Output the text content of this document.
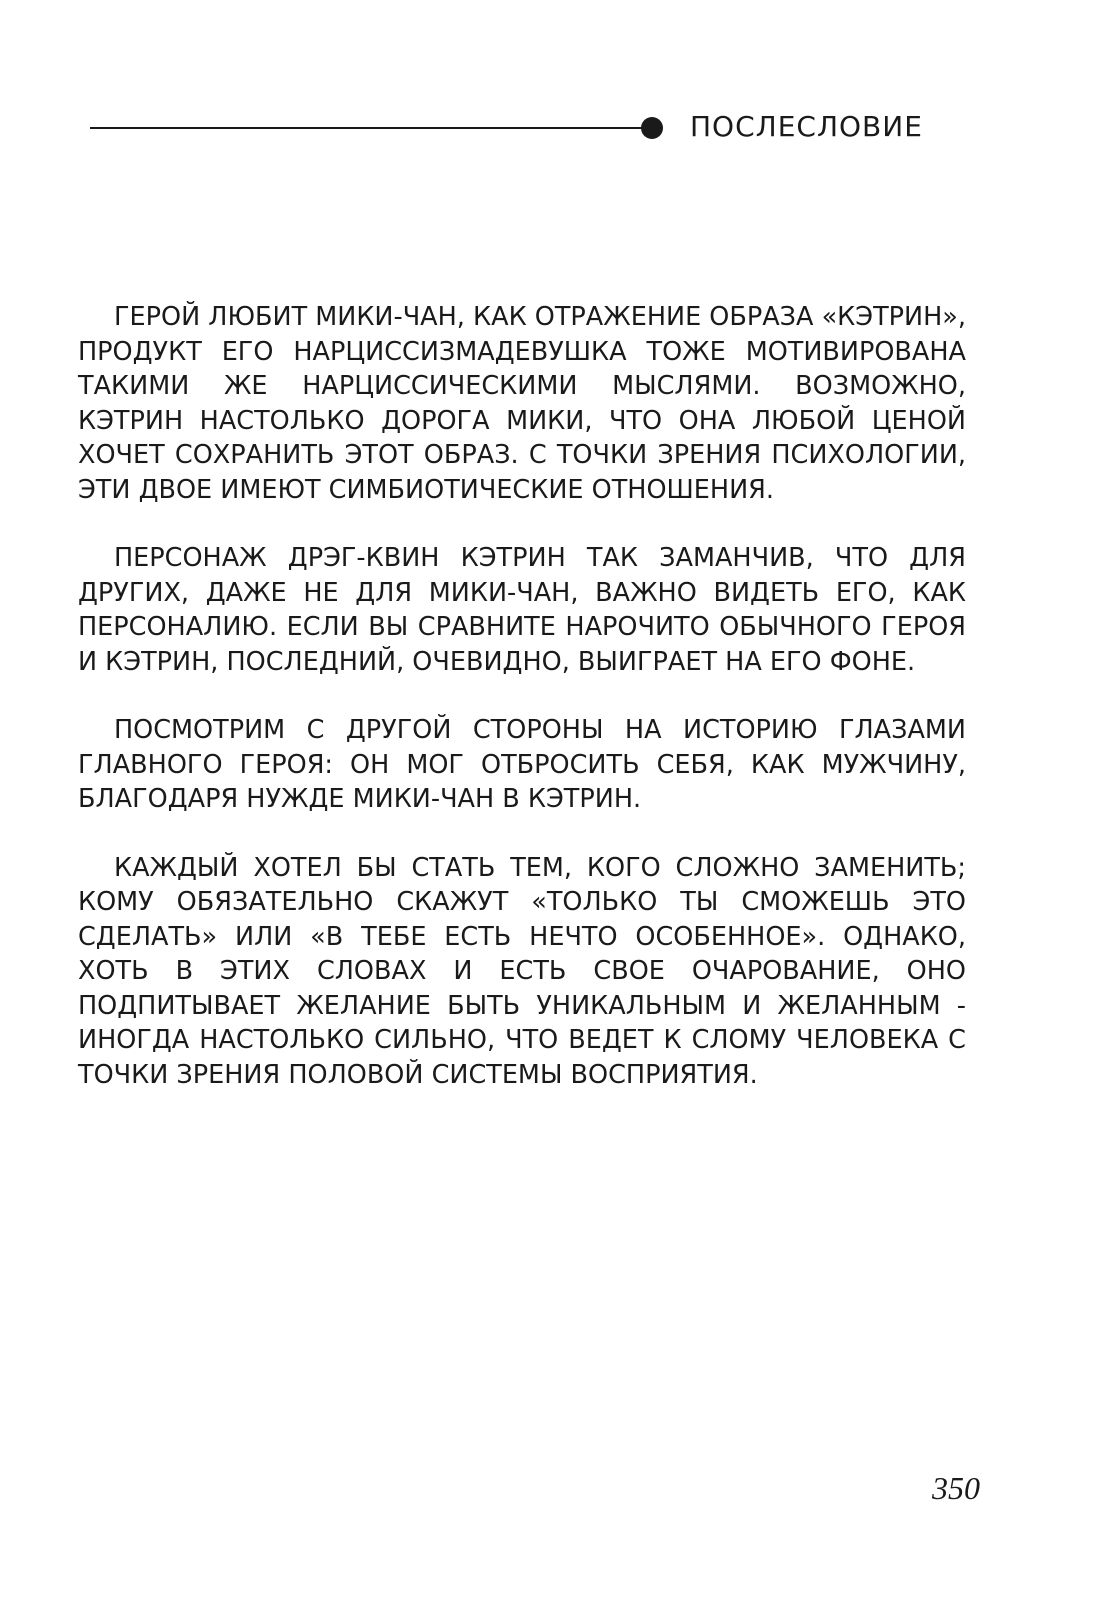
ПОСЛЕСЛОВИЕ

ГЕРОЙ ЛЮБИТ МИКИ-ЧАН, КАК ОТРАЖЕНИЕ ОБРАЗА «КЭТРИН», ПРОДУКТ ЕГО НАРЦИССИЗМАДЕВУШКА ТОЖЕ МОТИВИРОВАНА ТАКИМИ ЖЕ НАРЦИССИЧЕСКИМИ МЫСЛЯМИ. ВОЗМОЖНО, КЭТРИН НАСТОЛЬКО ДОРОГА МИКИ, ЧТО ОНА ЛЮБОЙ ЦЕНОЙ ХОЧЕТ СОХРАНИТЬ ЭТОТ ОБРАЗ. С ТОЧКИ ЗРЕНИЯ ПСИХОЛОГИИ, ЭТИ ДВОЕ ИМЕЮТ СИМБИОТИЧЕСКИЕ ОТНОШЕНИЯ.

ПЕРСОНАЖ ДРЭГ-КВИН КЭТРИН ТАК ЗАМАНЧИВ, ЧТО ДЛЯ ДРУГИХ, ДАЖЕ НЕ ДЛЯ МИКИ-ЧАН, ВАЖНО ВИДЕТЬ ЕГО, КАК ПЕРСОНАЛИЮ. ЕСЛИ ВЫ СРАВНИТЕ НАРОЧИТО ОБЫЧНОГО ГЕРОЯ И КЭТРИН, ПОСЛЕДНИЙ, ОЧЕВИДНО, ВЫИГРАЕТ НА ЕГО ФОНЕ.

ПОСМОТРИМ С ДРУГОЙ СТОРОНЫ НА ИСТОРИЮ ГЛАЗАМИ ГЛАВНОГО ГЕРОЯ: ОН МОГ ОТБРОСИТЬ СЕБЯ, КАК МУЖЧИНУ, БЛАГОДАРЯ НУЖДЕ МИКИ-ЧАН В КЭТРИН.

КАЖДЫЙ ХОТЕЛ БЫ СТАТЬ ТЕМ, КОГО СЛОЖНО ЗАМЕНИТЬ; КОМУ ОБЯЗАТЕЛЬНО СКАЖУТ «ТОЛЬКО ТЫ СМОЖЕШЬ ЭТО СДЕЛАТЬ» ИЛИ «В ТЕБЕ ЕСТЬ НЕЧТО ОСОБЕННОЕ». ОДНАКО, ХОТЬ В ЭТИХ СЛОВАХ И ЕСТЬ СВОЕ ОЧАРОВАНИЕ, ОНО ПОДПИТЫВАЕТ ЖЕЛАНИЕ БЫТЬ УНИКАЛЬНЫМ И ЖЕЛАННЫМ - ИНОГДА НАСТОЛЬКО СИЛЬНО, ЧТО ВЕДЕТ К СЛОМУ ЧЕЛОВЕКА С ТОЧКИ ЗРЕНИЯ ПОЛОВОЙ СИСТЕМЫ ВОСПРИЯТИЯ.

350
